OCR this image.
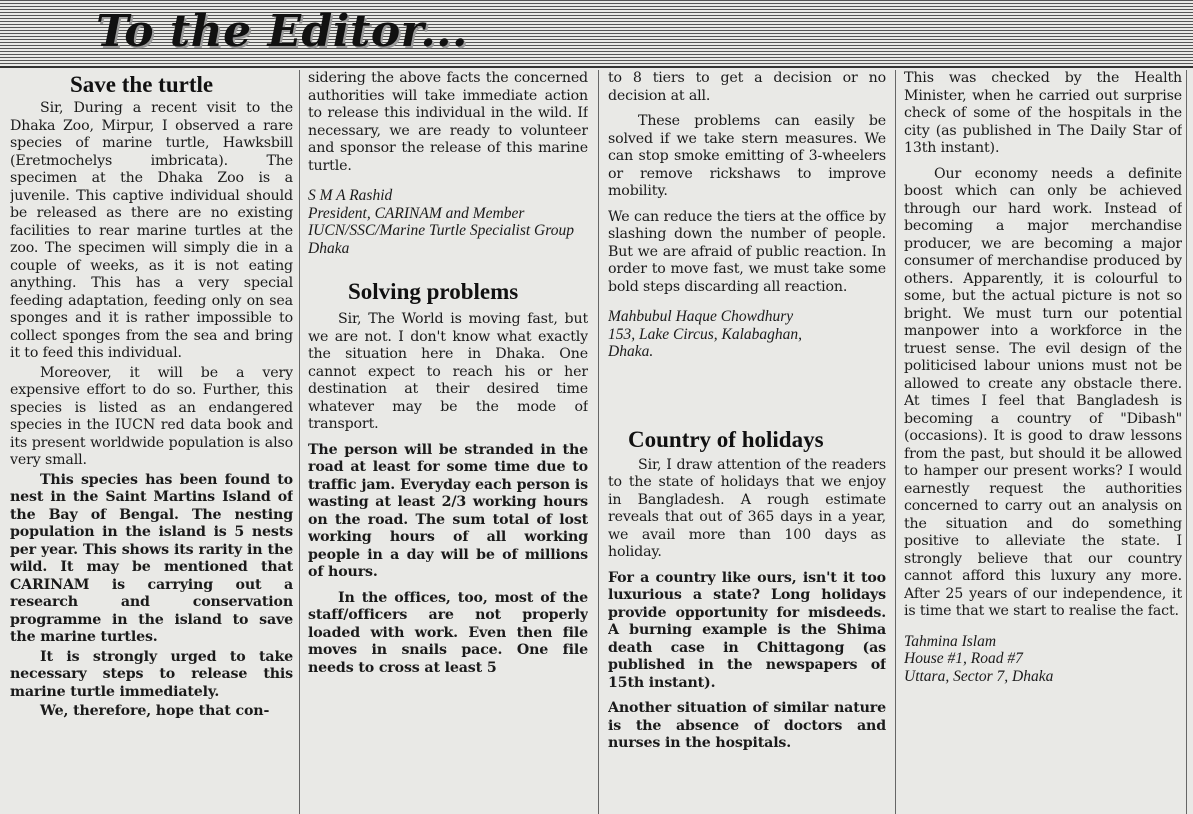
To the Editor...
Save the turtle

Sir, During a recent visit to the Dhaka Zoo, Mirpur, I observed a rare species of marine turtle, Hawksbill (Eretmochelys imbricata). The specimen at the Dhaka Zoo is a juvenile. This captive individual should be released as there are no existing facilities to rear marine turtles at the zoo. The specimen will simply die in a couple of weeks, as it is not eating anything. This has a very special feeding adaptation, feeding only on sea sponges and it is rather impossible to collect sponges from the sea and bring it to feed this individual.

Moreover, it will be a very expensive effort to do so. Further, this species is listed as an endangered species in the IUCN red data book and its present worldwide population is also very small.

This species has been found to nest in the Saint Martins Island of the Bay of Bengal. The nesting population in the island is 5 nests per year. This shows its rarity in the wild. It may be mentioned that CARINAM is carrying out a research and conservation programme in the island to save the marine turtles.

It is strongly urged to take necessary steps to release this marine turtle immediately.

We, therefore, hope that con-

sidering the above facts the concerned authorities will take immediate action to release this individual in the wild. If necessary, we are ready to volunteer and sponsor the release of this marine turtle.

S M A Rashid
President, CARINAM and Member
IUCN/SSC/Marine Turtle Specialist Group
Dhaka
Solving problems

Sir, The World is moving fast, but we are not. I don't know what exactly the situation here in Dhaka. One cannot expect to reach his or her destination at their desired time whatever may be the mode of transport.

The person will be stranded in the road at least for some time due to traffic jam. Everyday each person is wasting at least 2/3 working hours on the road. The sum total of lost working hours of all working people in a day will be of millions of hours.

In the offices, too, most of the staff/officers are not properly loaded with work. Even then file moves in snails pace. One file needs to cross at least 5

to 8 tiers to get a decision or no decision at all.

These problems can easily be solved if we take stern measures. We can stop smoke emitting of 3-wheelers or remove rickshaws to improve mobility.

We can reduce the tiers at the office by slashing down the number of people. But we are afraid of public reaction. In order to move fast, we must take some bold steps discarding all reaction.

Mahbubul Haque Chowdhury
153, Lake Circus, Kalabaghan,
Dhaka.
Country of holidays

Sir, I draw attention of the readers to the state of holidays that we enjoy in Bangladesh. A rough estimate reveals that out of 365 days in a year, we avail more than 100 days as holiday.

For a country like ours, isn't it too luxurious a state? Long holidays provide opportunity for misdeeds. A burning example is the Shima death case in Chittagong (as published in the newspapers of 15th instant).

Another situation of similar nature is the absence of doctors and nurses in the hospitals.

This was checked by the Health Minister, when he carried out surprise check of some of the hospitals in the city (as published in The Daily Star of 13th instant).

Our economy needs a definite boost which can only be achieved through our hard work. Instead of becoming a major merchandise producer, we are becoming a major consumer of merchandise produced by others. Apparently, it is colourful to some, but the actual picture is not so bright. We must turn our potential manpower into a workforce in the truest sense. The evil design of the politicised labour unions must not be allowed to create any obstacle there. At times I feel that Bangladesh is becoming a country of "Dibash" (occasions). It is good to draw lessons from the past, but should it be allowed to hamper our present works? I would earnestly request the authorities concerned to carry out an analysis on the situation and do something positive to alleviate the state. I strongly believe that our country cannot afford this luxury any more. After 25 years of our independence, it is time that we start to realise the fact.

Tahmina Islam
House #1, Road #7
Uttara, Sector 7, Dhaka
